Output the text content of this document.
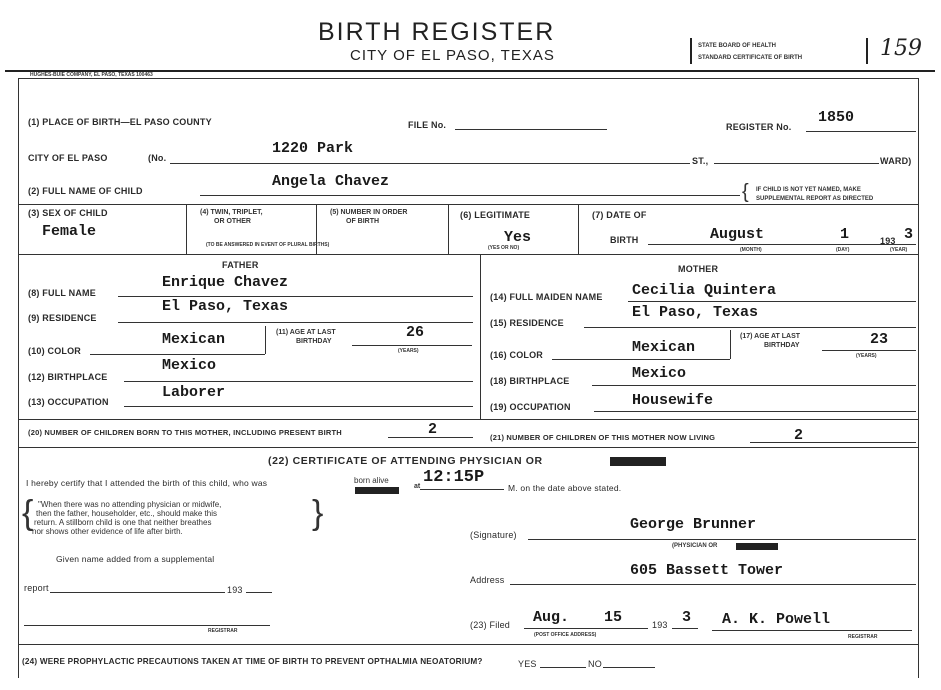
BIRTH REGISTER
CITY OF EL PASO, TEXAS
STATE BOARD OF HEALTH
STANDARD CERTIFICATE OF BIRTH	159
HUGHES-BUIE COMPANY, EL PASO, TEXAS 100463
(1) PLACE OF BIRTH—EL PASO COUNTY	FILE No.	REGISTER No.
1850
CITY OF EL PASO	(No.
1220 Park
ST.,	WARD)
(2) FULL NAME OF CHILD
Angela Chavez	{ IF CHILD IS NOT YET NAMED, MAKE
SUPPLEMENTAL REPORT AS DIRECTED
(3) SEX OF CHILD
Female
(4) TWIN, TRIPLET,
OR OTHER
(5) NUMBER IN ORDER
OF BIRTH
(TO BE ANSWERED IN EVENT OF PLURAL BIRTHS)
(6) LEGITIMATE
Yes
(YES OR NO)
(7) DATE OF
BIRTH	August	1	193 3
(MONTH)	(DAY)	(YEAR)
FATHER	MOTHER
(8) FULL NAME
Enrique Chavez
(9) RESIDENCE
El Paso, Texas
(10) COLOR
Mexican	(11) AGE AT LAST
BIRTHDAY
26
(YEARS)
(12) BIRTHPLACE
Mexico
(13) OCCUPATION
Laborer
(14) FULL MAIDEN NAME Cecilia Quintera
(15) RESIDENCE
El Paso, Texas
(16) COLOR	Mexican
(17) AGE AT LAST
BIRTHDAY	23
(YEARS)
(18) BIRTHPLACE	Mexico
(19) OCCUPATION	Housewife
(20) NUMBER OF CHILDREN BORN TO THIS MOTHER, INCLUDING PRESENT BIRTH	2	(21) NUMBER OF CHILDREN OF THIS MOTHER NOW LIVING	2
(22) CERTIFICATE OF ATTENDING PHYSICIAN OR
I hereby certify that I attended the birth of this child, who was	born alive
at 12:15P
M. on the date above stated.
{ "When there was no attending physician or midwife,
then the father, householder, etc., should make this
return. A stillborn child is one that neither breathes
nor shows other evidence of life after birth.	}
(Signature)
George Brunner
(PHYSICIAN OR
Given name added from a supplemental
Address
605 Bassett Tower
report	193
REGISTRAR
(23) Filed Aug. 15	193 3 A. K. Powell
(POST OFFICE ADDRESS)	REGISTRAR
(24) WERE PROPHYLACTIC PRECAUTIONS TAKEN AT TIME OF BIRTH TO PREVENT OPTHALMIA NEOATORIUM?	YES	NO
